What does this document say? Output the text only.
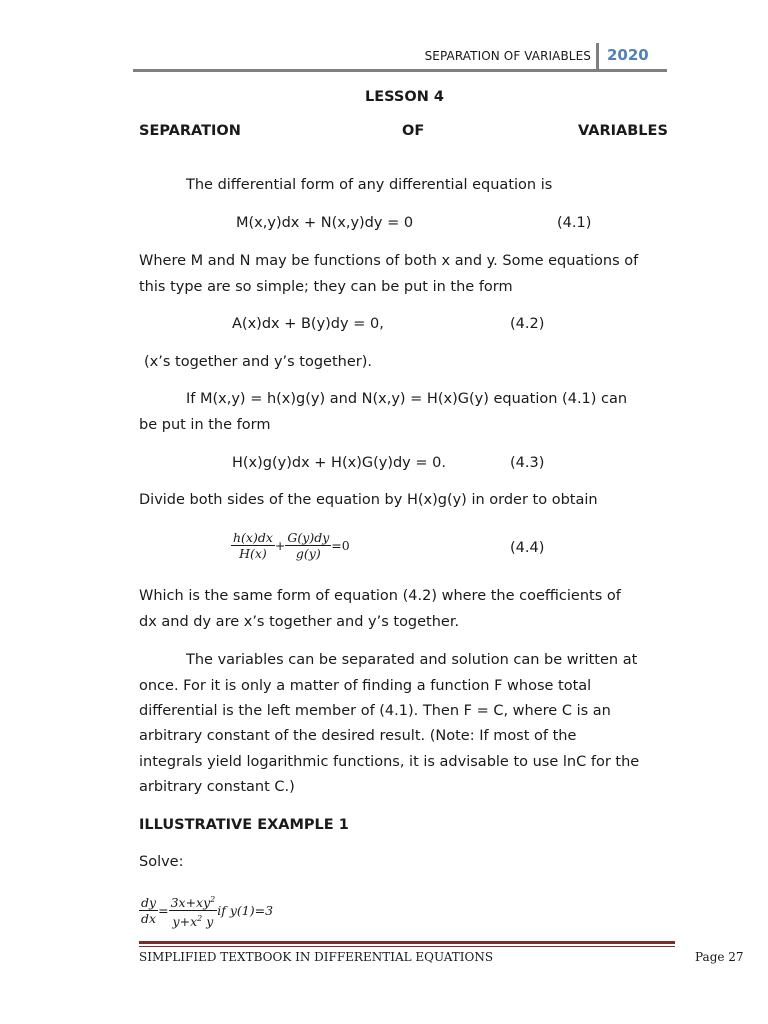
SEPARATION OF VARIABLES 2020
LESSON 4
SEPARATION	OF	VARIABLES
The differential form of any differential equation is
M(x,y)dx + N(x,y)dy = 0	(4.1)
Where M and N may be functions of both x and y. Some equations of
this type are so simple; they can be put in the form
A(x)dx + B(y)dy = 0,	(4.2)
(x’s together and y’s together).
If M(x,y) = h(x)g(y) and N(x,y) = H(x)G(y) equation (4.1) can
be put in the form
H(x)g(y)dx + H(x)G(y)dy = 0.	(4.3)
Divide both sides of the equation by H(x)g(y) in order to obtain
$\frac{h(x)dx}{H(x)} + \frac{G(y)dy}{g(y)} =0$	(4.4)
Which is the same form of equation (4.2) where the coefficients of
dx and dy are x’s together and y’s together.
The variables can be separated and solution can be written at
once. For it is only a matter of finding a function F whose total
differential is the left member of (4.1). Then F = C, where C is an
arbitrary constant of the desired result. (Note: If most of the
integrals yield logarithmic functions, it is advisable to use lnC for the
arbitrary constant C.)
ILLUSTRATIVE EXAMPLE 1
Solve:
$\frac{dy}{dx} = \frac{3x+xy^2}{y+x^2 y}$ if y(1)=3
SIMPLIFIED TEXTBOOK IN DIFFERENTIAL EQUATIONS	Page 27
